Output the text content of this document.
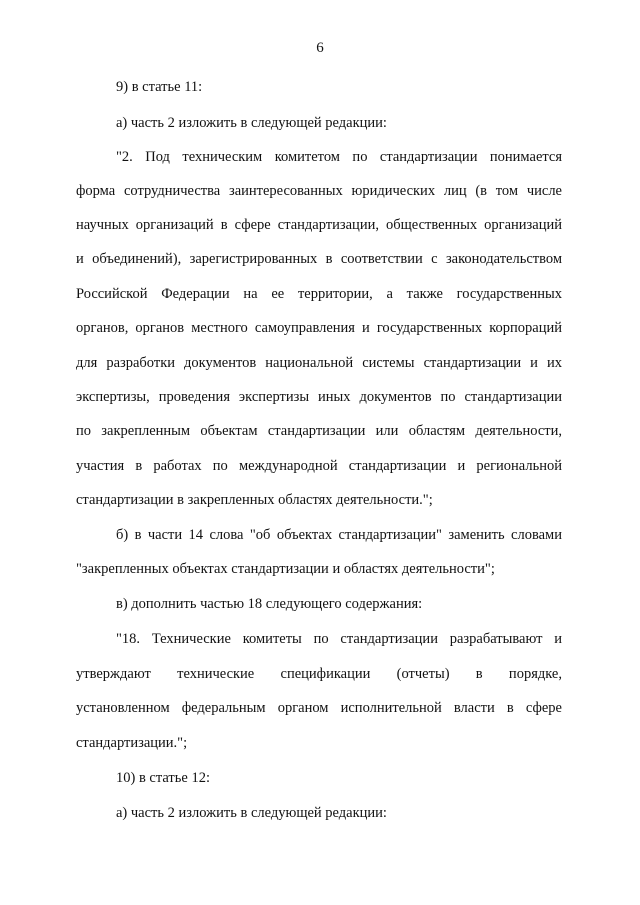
6
9) в статье 11:
а) часть 2 изложить в следующей редакции:
"2. Под техническим комитетом по стандартизации понимается
форма сотрудничества заинтересованных юридических лиц (в том числе
научных организаций в сфере стандартизации, общественных организаций
и объединений), зарегистрированных в соответствии с законодательством
Российской Федерации на ее территории, а также государственных
органов, органов местного самоуправления и государственных корпораций
для разработки документов национальной системы стандартизации и их
экспертизы, проведения экспертизы иных документов по стандартизации
по закрепленным объектам стандартизации или областям деятельности,
участия в работах по международной стандартизации и региональной
стандартизации в закрепленных областях деятельности.";
б) в части 14 слова "об объектах стандартизации" заменить словами
"закрепленных объектах стандартизации и областях деятельности";
в) дополнить частью 18 следующего содержания:
"18. Технические комитеты по стандартизации разрабатывают и
утверждают технические спецификации (отчеты) в порядке,
установленном федеральным органом исполнительной власти в сфере
стандартизации.";
10) в статье 12:
а) часть 2 изложить в следующей редакции:
